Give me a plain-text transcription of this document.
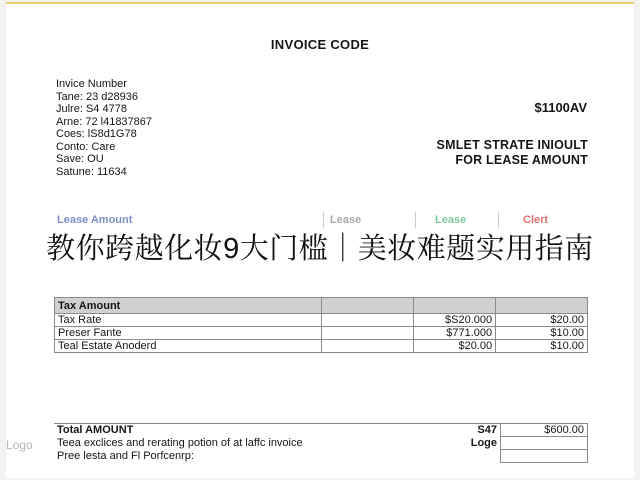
INVOICE CODE
Invice Number
Tane: 23 d28936
Julre: S4 4778
Arne: 72 l41837867
Coes: lS8d1G78
Conto: Care
Save: OU
Satune: 11634
$1100AV
SMLET STRATE INIOULT
FOR LEASE AMOUNT
Lease Amount	Lease	Lease	Clert
教你跨越化妆9大门槛｜美妆难题实用指南
Tax Amount			
Tax Rate		$S20.000	$20.00
Preser Fante		$771.000	$10.00
Teal Estate Anoderd		$20.00	$10.00
Total AMOUNT	S47	$600.00
Teea exclices and rerating potion of at laffc invoice	Loge	
Pree lesta and Fl Porfcenrp:		
Logo
